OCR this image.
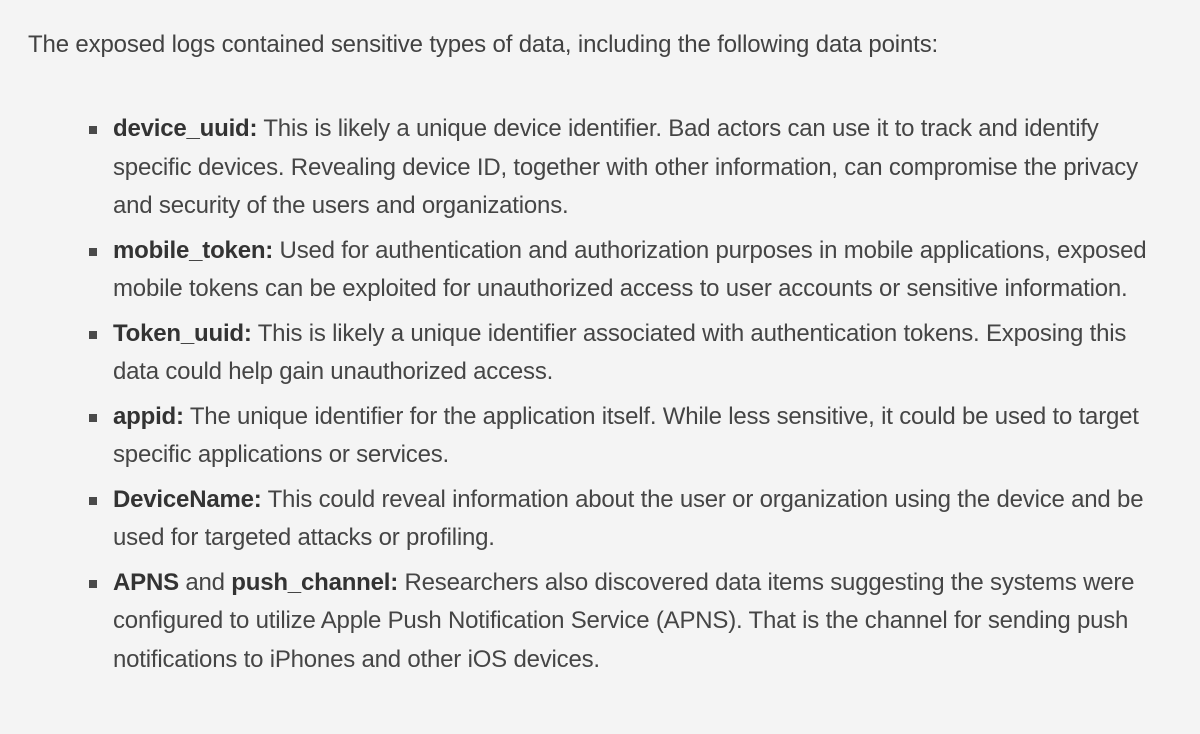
The exposed logs contained sensitive types of data, including the following data points:

device_uuid: This is likely a unique device identifier. Bad actors can use it to track and identify specific devices. Revealing device ID, together with other information, can compromise the privacy and security of the users and organizations.
mobile_token: Used for authentication and authorization purposes in mobile applications, exposed mobile tokens can be exploited for unauthorized access to user accounts or sensitive information.
Token_uuid: This is likely a unique identifier associated with authentication tokens. Exposing this data could help gain unauthorized access.
appid: The unique identifier for the application itself. While less sensitive, it could be used to target specific applications or services.
DeviceName: This could reveal information about the user or organization using the device and be used for targeted attacks or profiling.
APNS and push_channel: Researchers also discovered data items suggesting the systems were configured to utilize Apple Push Notification Service (APNS). That is the channel for sending push notifications to iPhones and other iOS devices.
